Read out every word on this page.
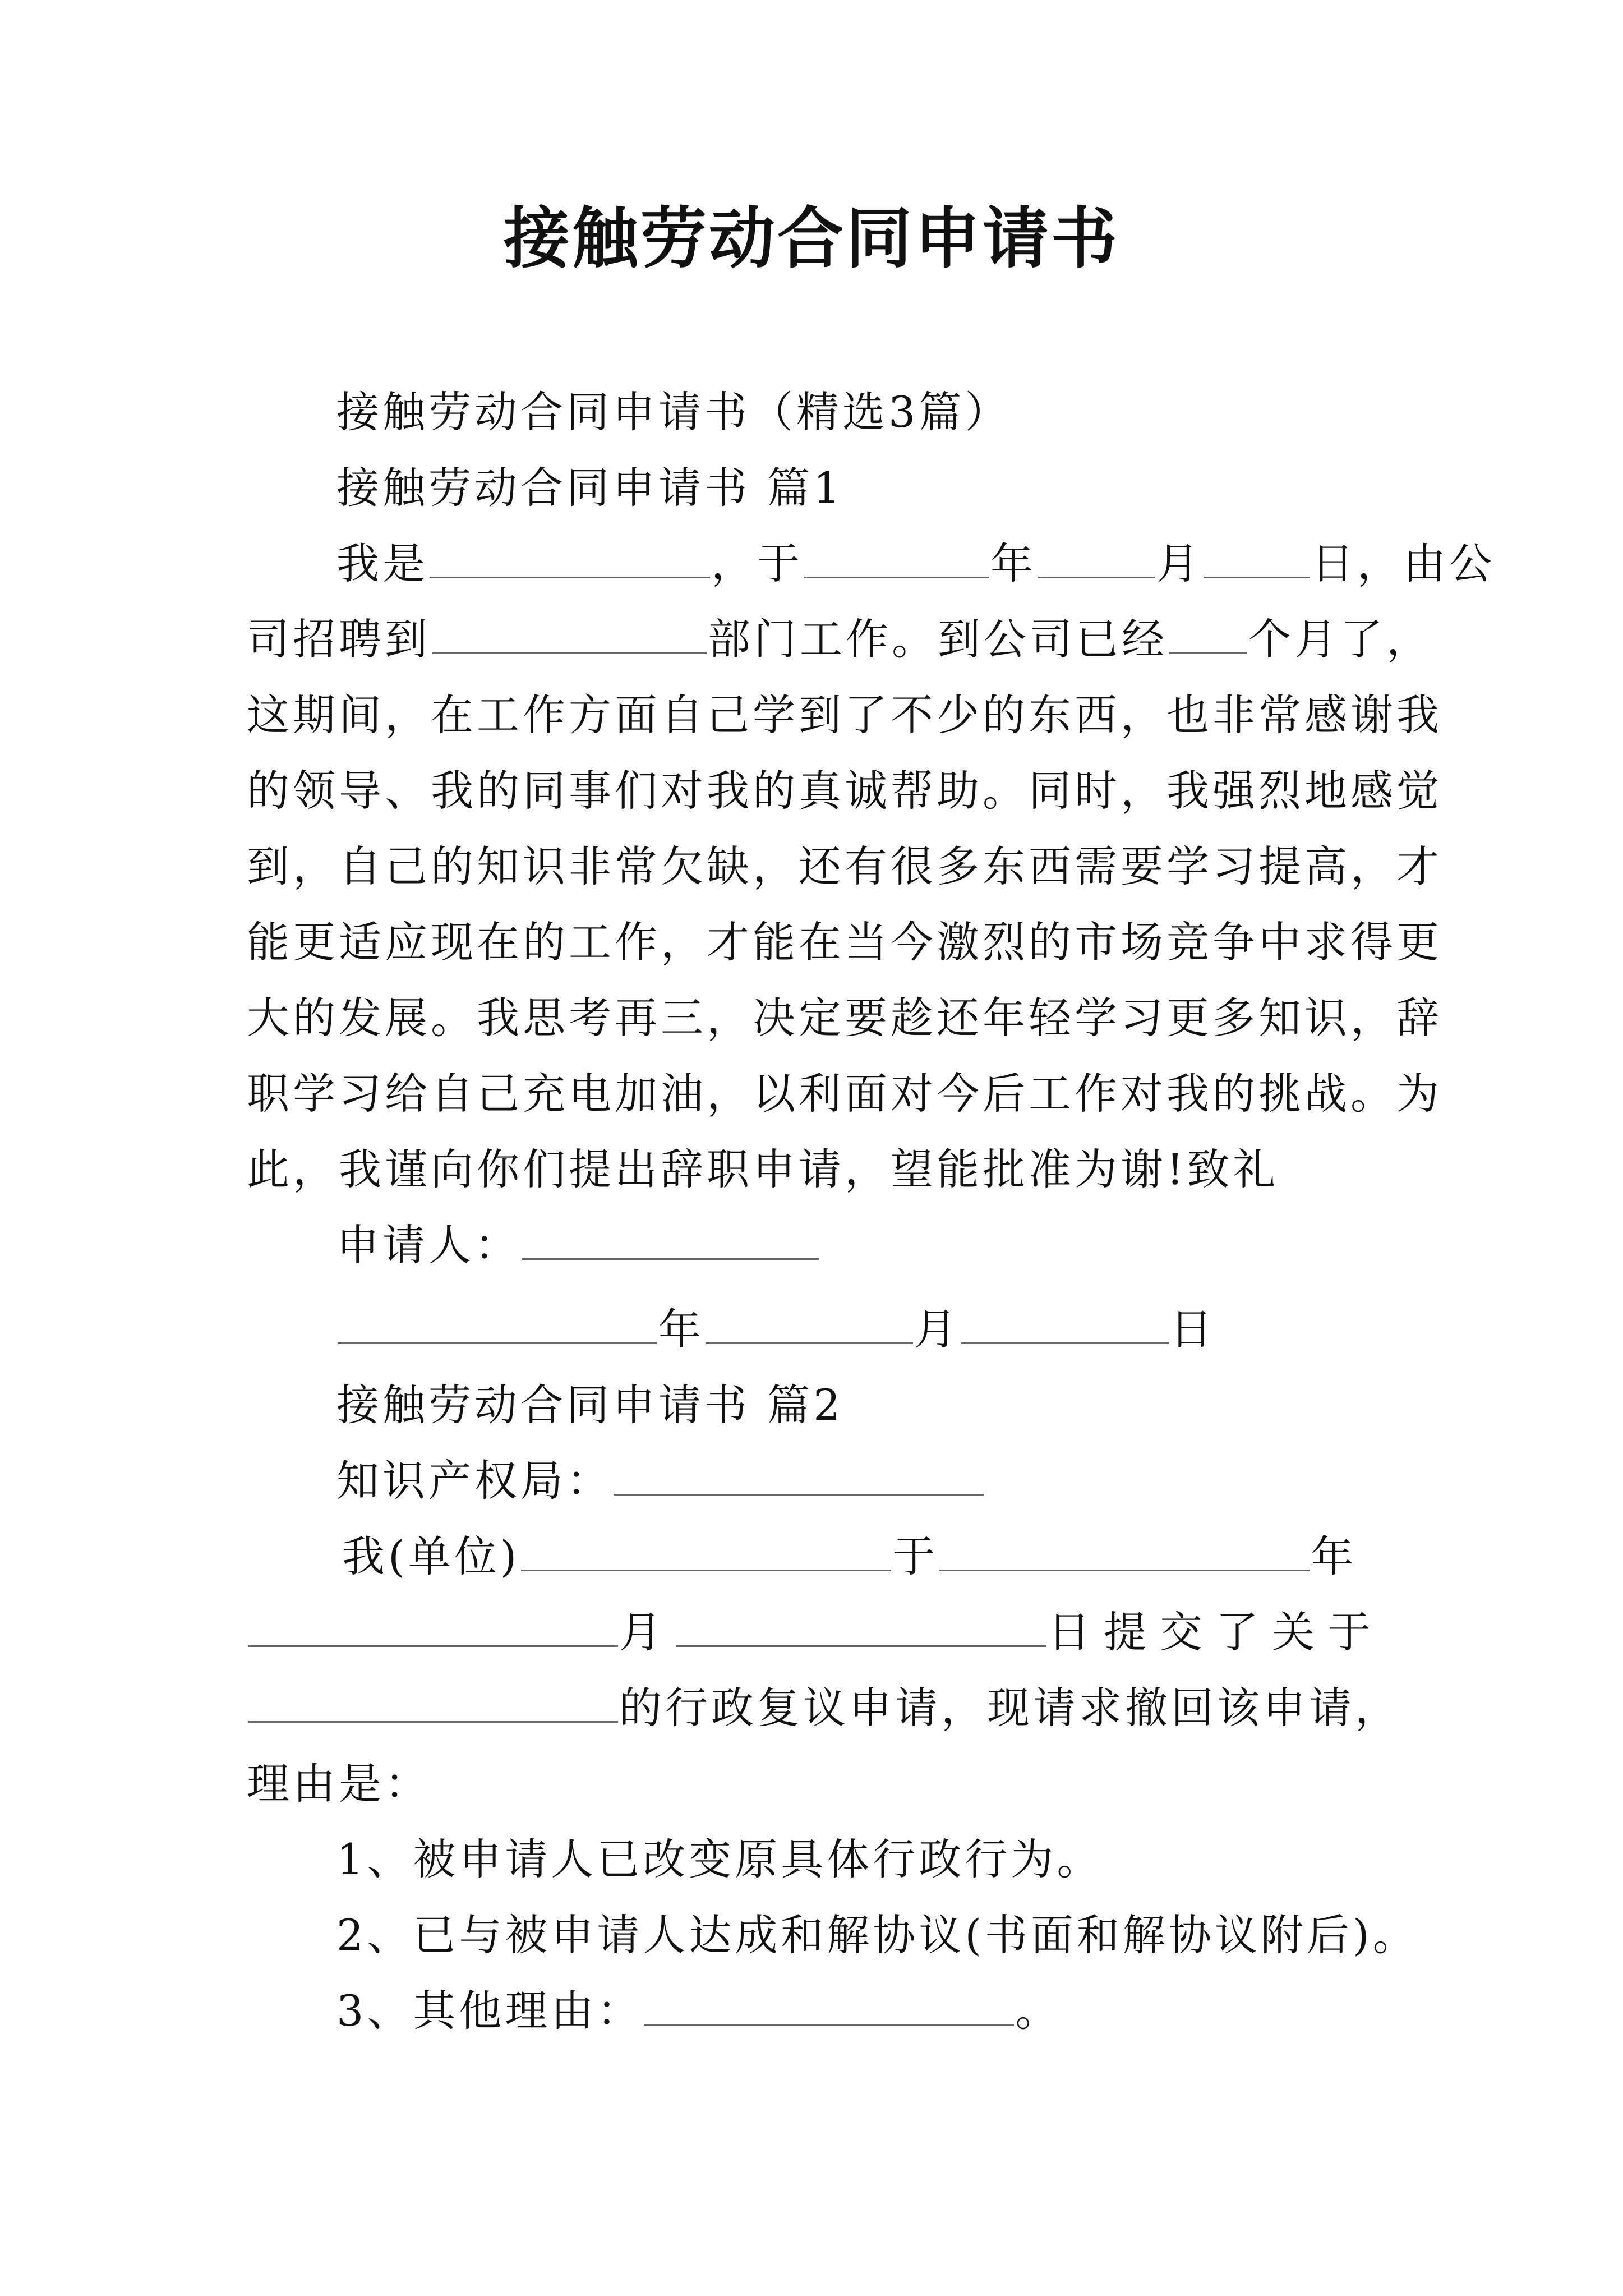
接触劳动合同申请书
接触劳动合同申请书（精选3篇）
接触劳动合同申请书 篇1
我是	，于	年	月	日，由公
司招聘到	部门工作。到公司已经 个月了，
这期间，在工作方面自己学到了不少的东西，也非常感谢我
的领导、我的同事们对我的真诚帮助。同时，我强烈地感觉
到，自己的知识非常欠缺，还有很多东西需要学习提高，才
能更适应现在的工作，才能在当今激烈的市场竞争中求得更
大的发展。我思考再三，决定要趁还年轻学习更多知识，辞
职学习给自己充电加油，以利面对今后工作对我的挑战。为
此，我谨向你们提出辞职申请，望能批准为谢!致礼
申请人：
年	月	日
接触劳动合同申请书 篇2
知识产权局：
我(单位)	于	年
月	日提交了关于
的行政复议申请，现请求撤回该申请，
理由是：
1、被申请人已改变原具体行政行为。
2、已与被申请人达成和解协议(书面和解协议附后)。
3、其他理由：	。
